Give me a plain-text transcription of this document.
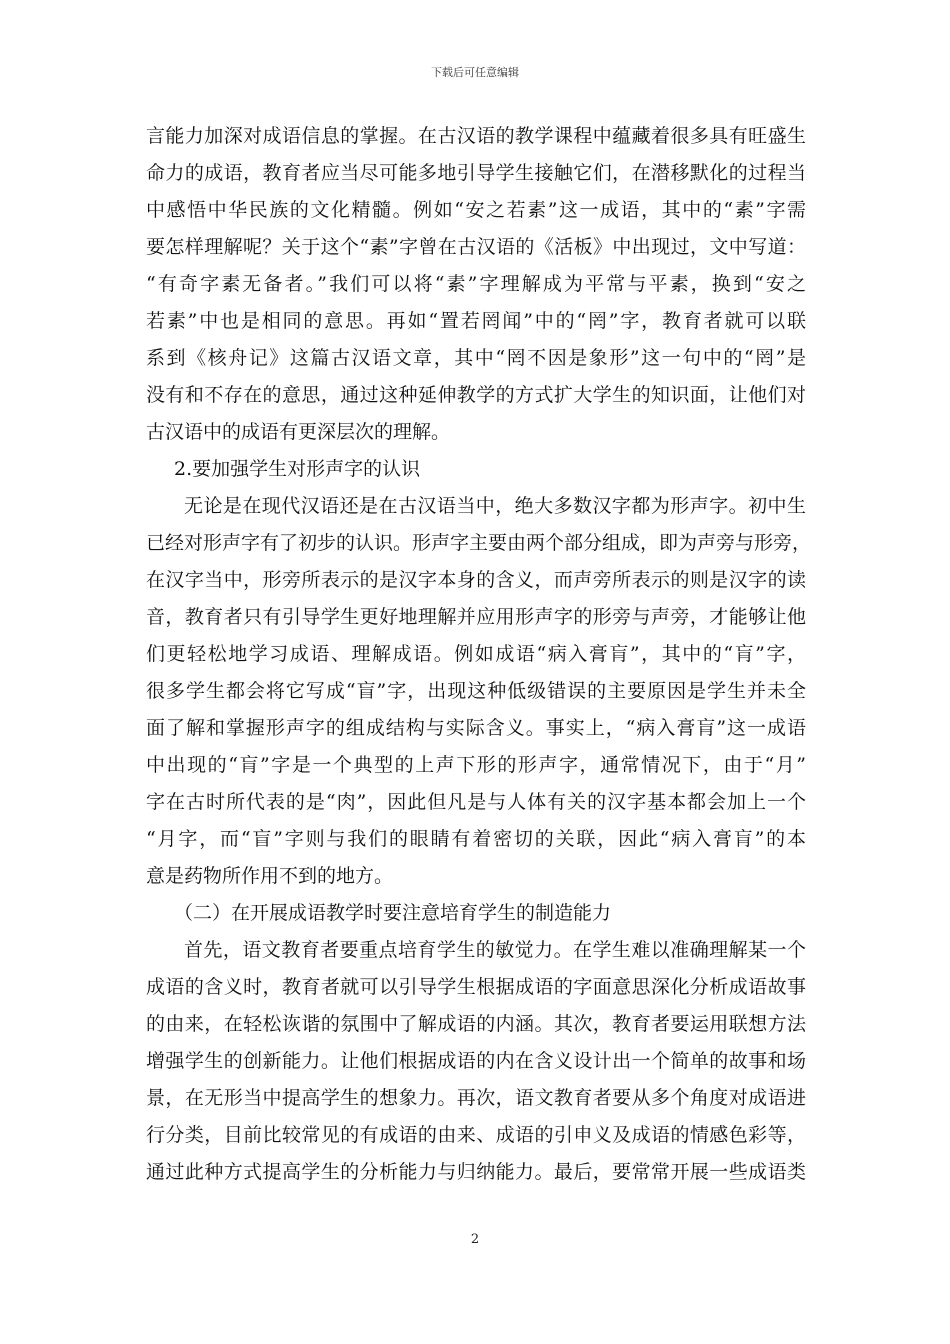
下载后可任意编辑
言能力加深对成语信息的掌握。在古汉语的教学课程中蕴藏着很多具有旺盛生
命力的成语，教育者应当尽可能多地引导学生接触它们，在潜移默化的过程当
中感悟中华民族的文化精髓。例如“安之若素”这一成语，其中的“素”字需
要怎样理解呢？关于这个“素”字曾在古汉语的《活板》中出现过，文中写道：
“有奇字素无备者。”我们可以将“素”字理解成为平常与平素，换到“安之
若素”中也是相同的意思。再如“置若罔闻”中的“罔”字，教育者就可以联
系到《核舟记》这篇古汉语文章，其中“罔不因是象形”这一句中的“罔”是
没有和不存在的意思，通过这种延伸教学的方式扩大学生的知识面，让他们对
古汉语中的成语有更深层次的理解。
2.要加强学生对形声字的认识
无论是在现代汉语还是在古汉语当中，绝大多数汉字都为形声字。初中生
已经对形声字有了初步的认识。形声字主要由两个部分组成，即为声旁与形旁，
在汉字当中，形旁所表示的是汉字本身的含义，而声旁所表示的则是汉字的读
音，教育者只有引导学生更好地理解并应用形声字的形旁与声旁，才能够让他
们更轻松地学习成语、理解成语。例如成语“病入膏肓”，其中的“肓”字，
很多学生都会将它写成“盲”字，出现这种低级错误的主要原因是学生并未全
面了解和掌握形声字的组成结构与实际含义。事实上，“病入膏肓”这一成语
中出现的“肓”字是一个典型的上声下形的形声字，通常情况下，由于“月”
字在古时所代表的是“肉”，因此但凡是与人体有关的汉字基本都会加上一个
“月字，而“盲”字则与我们的眼睛有着密切的关联，因此“病入膏肓”的本
意是药物所作用不到的地方。
（二）在开展成语教学时要注意培育学生的制造能力
首先，语文教育者要重点培育学生的敏觉力。在学生难以准确理解某一个
成语的含义时，教育者就可以引导学生根据成语的字面意思深化分析成语故事
的由来，在轻松诙谐的氛围中了解成语的内涵。其次，教育者要运用联想方法
增强学生的创新能力。让他们根据成语的内在含义设计出一个简单的故事和场
景，在无形当中提高学生的想象力。再次，语文教育者要从多个角度对成语进
行分类，目前比较常见的有成语的由来、成语的引申义及成语的情感色彩等，
通过此种方式提高学生的分析能力与归纳能力。最后，要常常开展一些成语类
2
